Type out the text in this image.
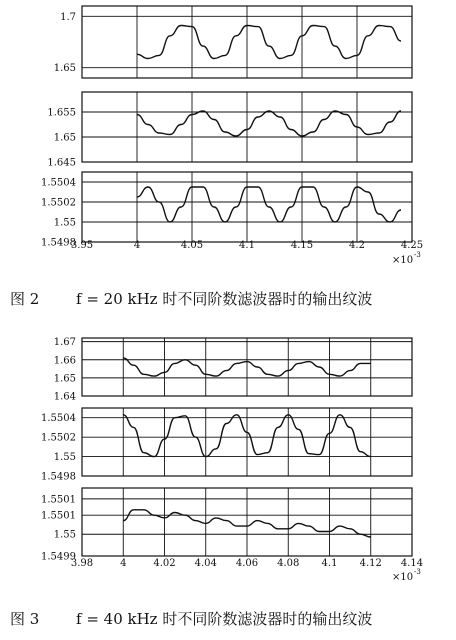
1.7
1.65
1.655
1.65
1.645
1.5504
1.5502
1.55
1.5498
3.95	4	4.05	4.1	4.15	4.2	4.25
×10 -3
1.67
1.66
1.65
1.64
1.5504
1.5502
1.55
1.5498
1.5501
1.5501
1.55
1.5499
3.98	4	4.02 4.04 4.06 4.08 4.1 4.12 4.14
×10 -3
图 2 f = 20 kHz 时不同阶数滤波器时的输出纹波
图 3 f = 40 kHz 时不同阶数滤波器时的输出纹波
